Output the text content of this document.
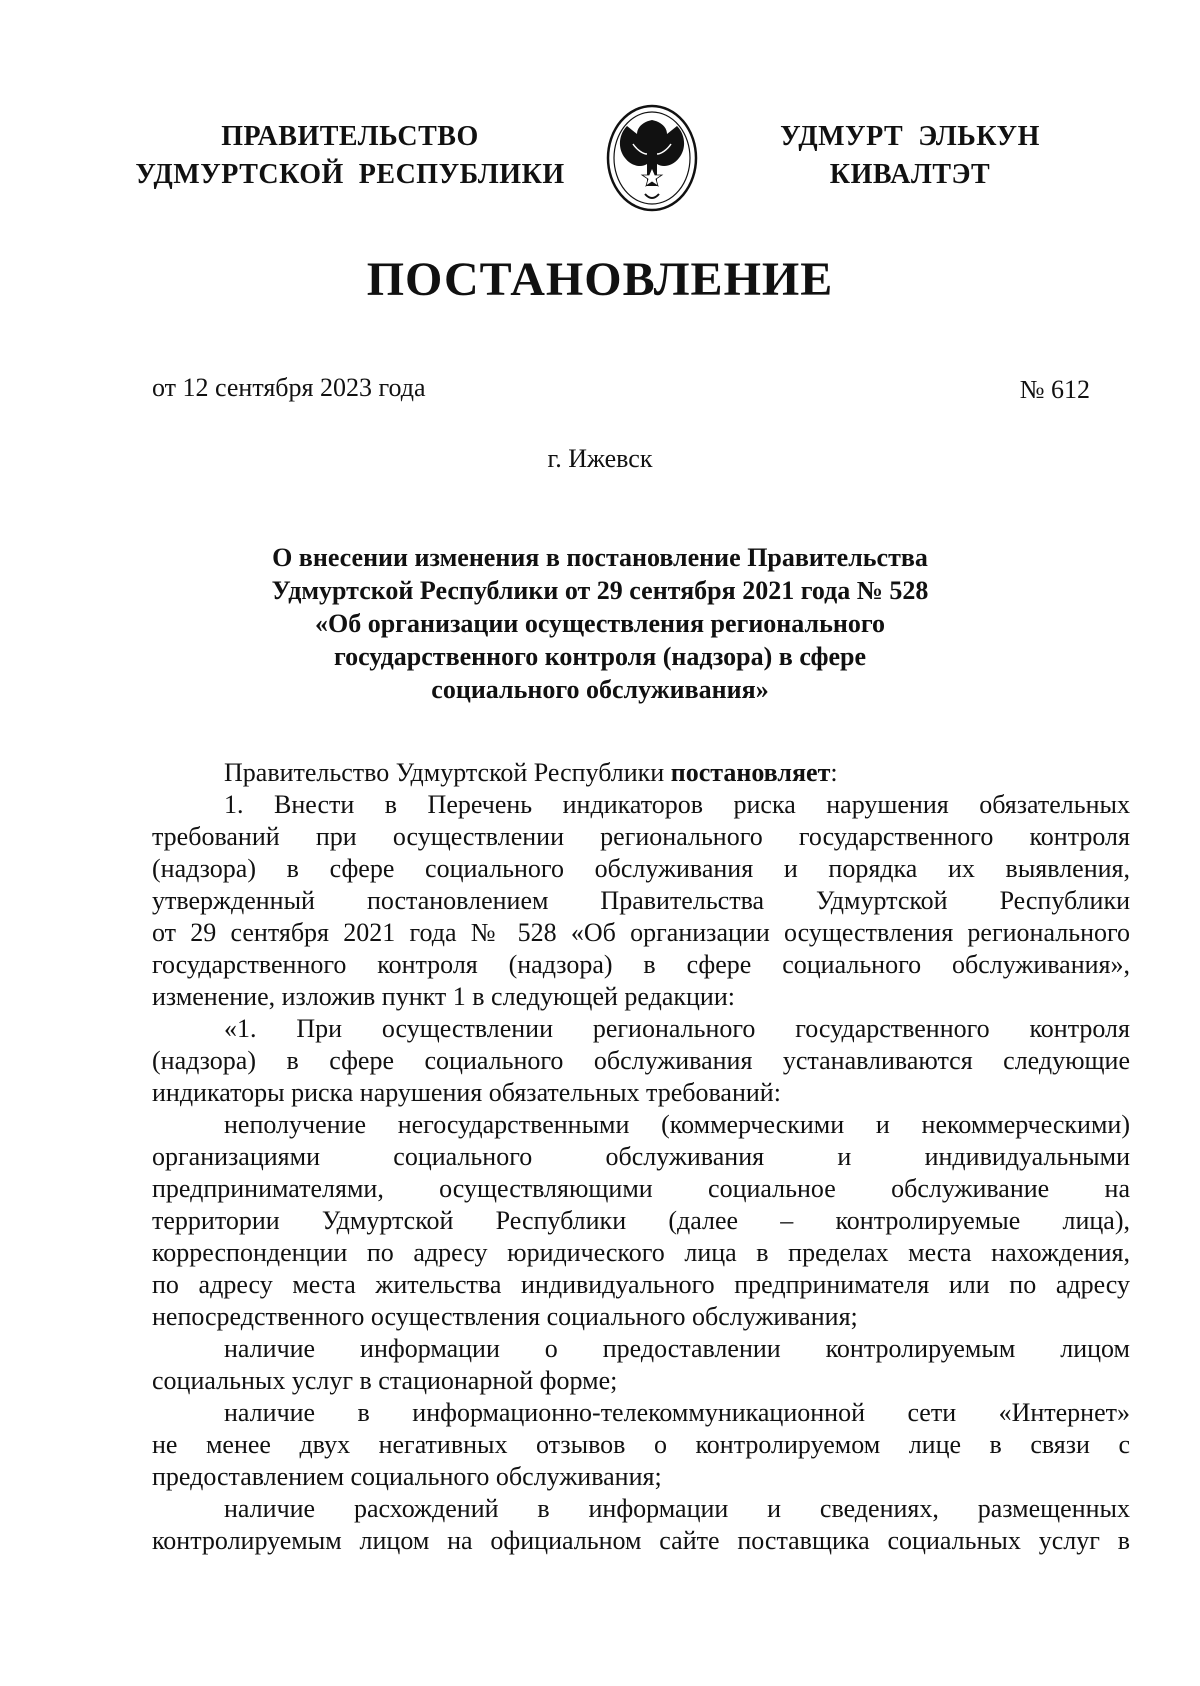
ПРАВИТЕЛЬСТВО
УДМУРТСКОЙ  РЕСПУБЛИКИ
УДМУРТ  ЭЛЬКУН
КИВАЛТЭТ
ПОСТАНОВЛЕНИЕ
от 12 сентября 2023 года	№ 612
г. Ижевск
О внесении изменения в постановление Правительства
Удмуртской Республики от 29 сентября 2021 года № 528
«Об организации осуществления регионального
государственного контроля (надзора) в сфере
социального обслуживания»
Правительство Удмуртской Республики постановляет:
1. Внести в Перечень индикаторов риска нарушения обязательных
требований при осуществлении регионального государственного контроля
(надзора) в сфере социального обслуживания и порядка их выявления,
утвержденный постановлением Правительства Удмуртской Республики
от 29 сентября 2021 года № 528 «Об организации осуществления регионального
государственного контроля (надзора) в сфере социального обслуживания»,
изменение, изложив пункт 1 в следующей редакции:
«1. При осуществлении регионального государственного контроля
(надзора) в сфере социального обслуживания устанавливаются следующие
индикаторы риска нарушения обязательных требований:
неполучение негосударственными (коммерческими и некоммерческими)
организациями социального обслуживания и индивидуальными
предпринимателями, осуществляющими социальное обслуживание на
территории Удмуртской Республики (далее – контролируемые лица),
корреспонденции по адресу юридического лица в пределах места нахождения,
по адресу места жительства индивидуального предпринимателя или по адресу
непосредственного осуществления социального обслуживания;
наличие информации о предоставлении контролируемым лицом
социальных услуг в стационарной форме;
наличие в информационно-телекоммуникационной сети «Интернет»
не менее двух негативных отзывов о контролируемом лице в связи с
предоставлением социального обслуживания;
наличие расхождений в информации и сведениях, размещенных
контролируемым лицом на официальном сайте поставщика социальных услуг в
